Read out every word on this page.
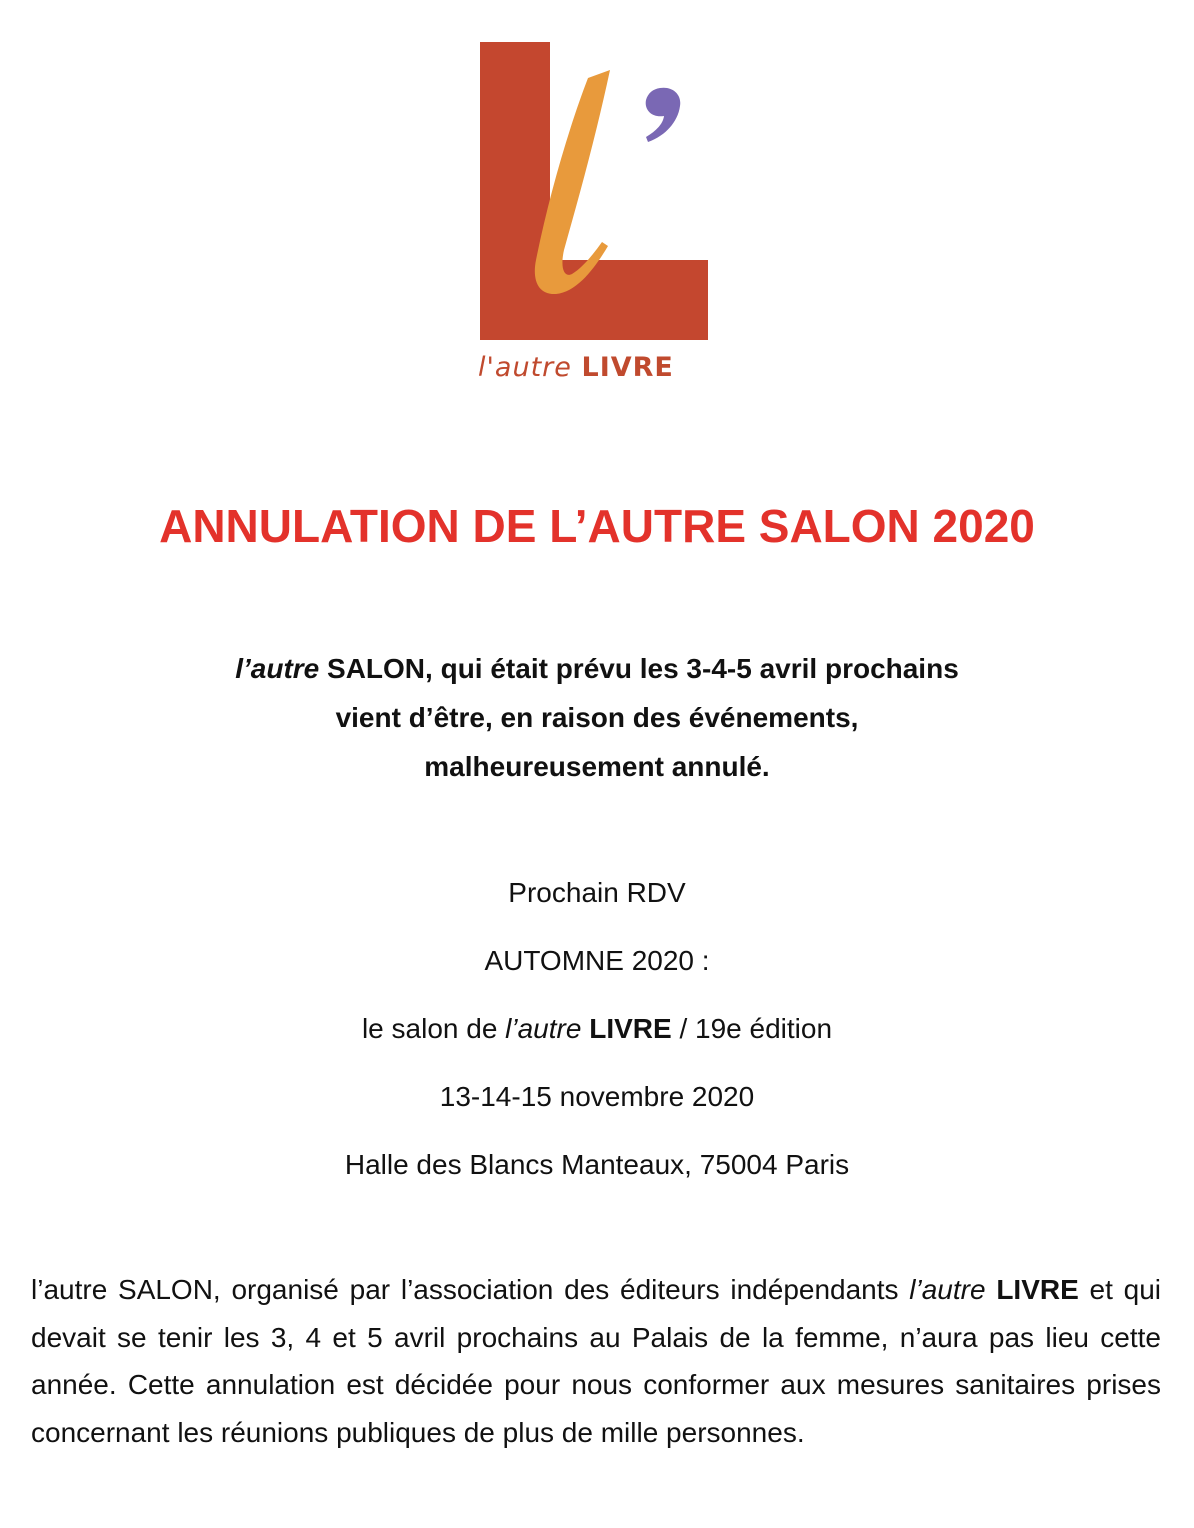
l'autre LIVRE
ANNULATION DE L’AUTRE SALON 2020

l’autre SALON, qui était prévu les 3-4-5 avril prochains

vient d’être, en raison des événements,

malheureusement annulé.

Prochain RDV

AUTOMNE 2020 :

le salon de l’autre LIVRE / 19e édition

13-14-15 novembre 2020

Halle des Blancs Manteaux, 75004 Paris

l’autre SALON, organisé par l’association des éditeurs indépendants l’autre LIVRE et qui devait se tenir les 3, 4 et 5 avril prochains au Palais de la femme, n’aura pas lieu cette année. Cette annulation est décidée pour nous conformer aux mesures sanitaires prises concernant les réunions publiques de plus de mille personnes.
